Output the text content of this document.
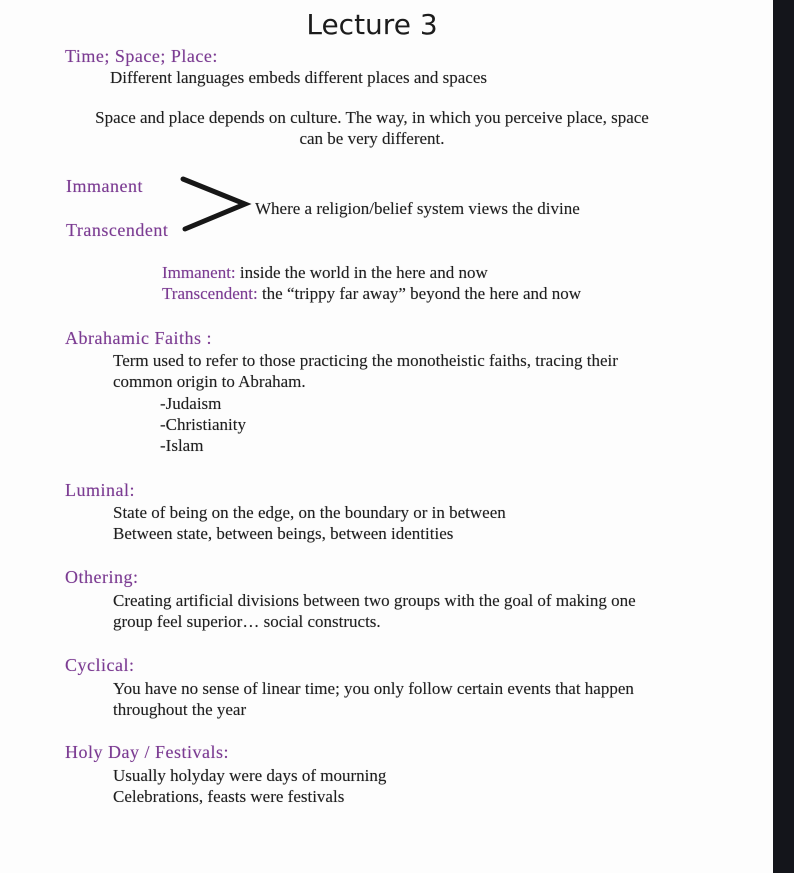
Lecture 3
Time; Space; Place:
Different languages embeds different places and spaces
Space and place depends on culture. The way, in which you perceive place, space
can be very different.
Immanent
Transcendent
Where a religion/belief system views the divine
Immanent: inside the world in the here and now
Transcendent: the “trippy far away” beyond the here and now
Abrahamic Faiths :
Term used to refer to those practicing the monotheistic faiths, tracing their
common origin to Abraham.
-Judaism
-Christianity
-Islam
Luminal:
State of being on the edge, on the boundary or in between
Between state, between beings, between identities
Othering:
Creating artificial divisions between two groups with the goal of making one
group feel superior… social constructs.
Cyclical:
You have no sense of linear time; you only follow certain events that happen
throughout the year
Holy Day / Festivals:
Usually holyday were days of mourning
Celebrations, feasts were festivals
